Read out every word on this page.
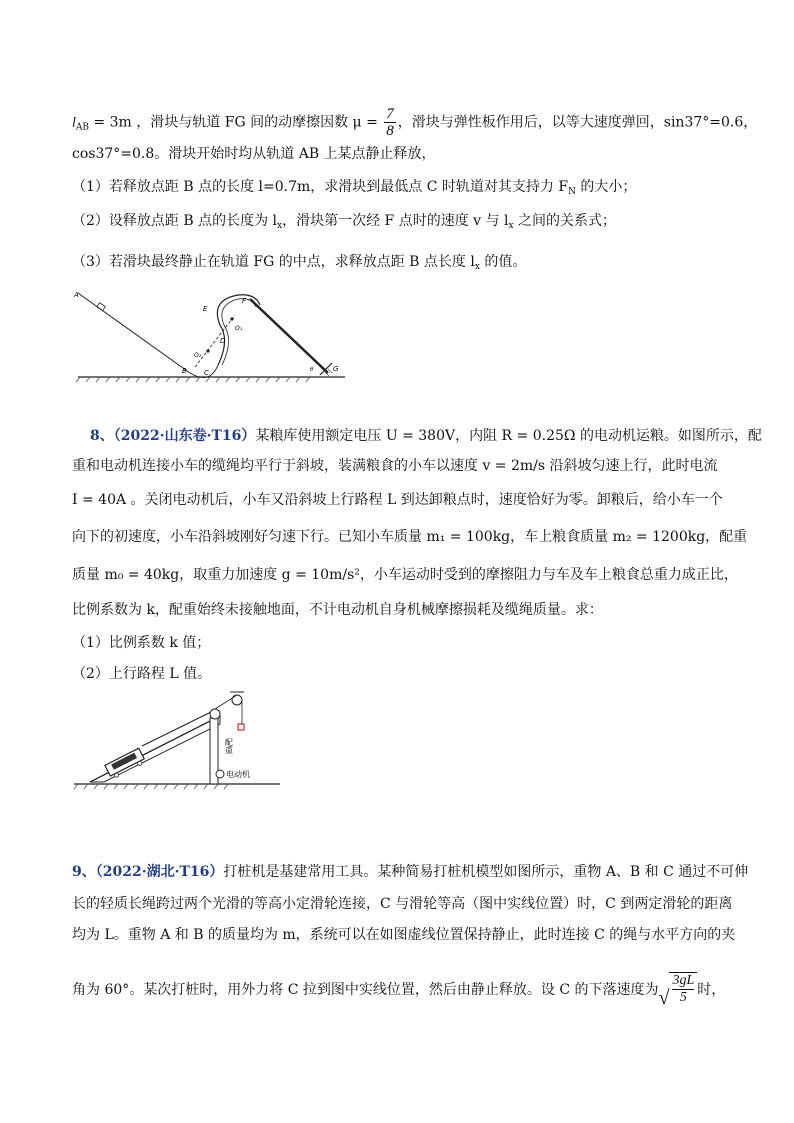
$l_{AB} = 3m$ ，滑块与轨道 FG 间的动摩擦因数 $\mu = \frac{7}{8}$ ，滑块与弹性板作用后，以等大速度弹回，sin37°=0.6，
cos37°=0.8。滑块开始时均从轨道 AB 上某点静止释放，
（1）若释放点距 B 点的长度 l=0.7m，求滑块到最低点 C 时轨道对其支持力 $F_N$ 的大小；
（2）设释放点距 B 点的长度为 $l_x$，滑块第一次经 F 点时的速度 v 与 $l_x$ 之间的关系式；
（3）若滑块最终静止在轨道 FG 的中点，求释放点距 B 点长度 $l_x$ 的值。
A
B C
D
E
F
G
O₁
O₂
θ
8、（2022·山东卷·T16）某粮库使用额定电压 U = 380V，内阻 R = 0.25Ω 的电动机运粮。如图所示，配
重和电动机连接小车的缆绳均平行于斜坡，装满粮食的小车以速度 v = 2m/s 沿斜坡匀速上行，此时电流
I = 40A 。关闭电动机后，小车又沿斜坡上行路程 L 到达卸粮点时，速度恰好为零。卸粮后，给小车一个
向下的初速度，小车沿斜坡刚好匀速下行。已知小车质量 m₁ = 100kg，车上粮食质量 m₂ = 1200kg，配重
质量 m₀ = 40kg，取重力加速度 g = 10m/s²，小车运动时受到的摩擦阻力与车及车上粮食总重力成正比，
比例系数为 k，配重始终未接触地面，不计电动机自身机械摩擦损耗及缆绳质量。求：
（1）比例系数 k 值；
（2）上行路程 L 值。
配重
电动机
9、（2022·湖北·T16）打桩机是基建常用工具。某种简易打桩机模型如图所示，重物 A、B 和 C 通过不可伸
长的轻质长绳跨过两个光滑的等高小定滑轮连接，C 与滑轮等高（图中实线位置）时，C 到两定滑轮的距离
均为 L。重物 A 和 B 的质量均为 m，系统可以在如图虚线位置保持静止，此时连接 C 的绳与水平方向的夹
角为 60°。某次打桩时，用外力将 C 拉到图中实线位置，然后由静止释放。设 C 的下落速度为√ $\frac{3gL}{5}$ 时，
